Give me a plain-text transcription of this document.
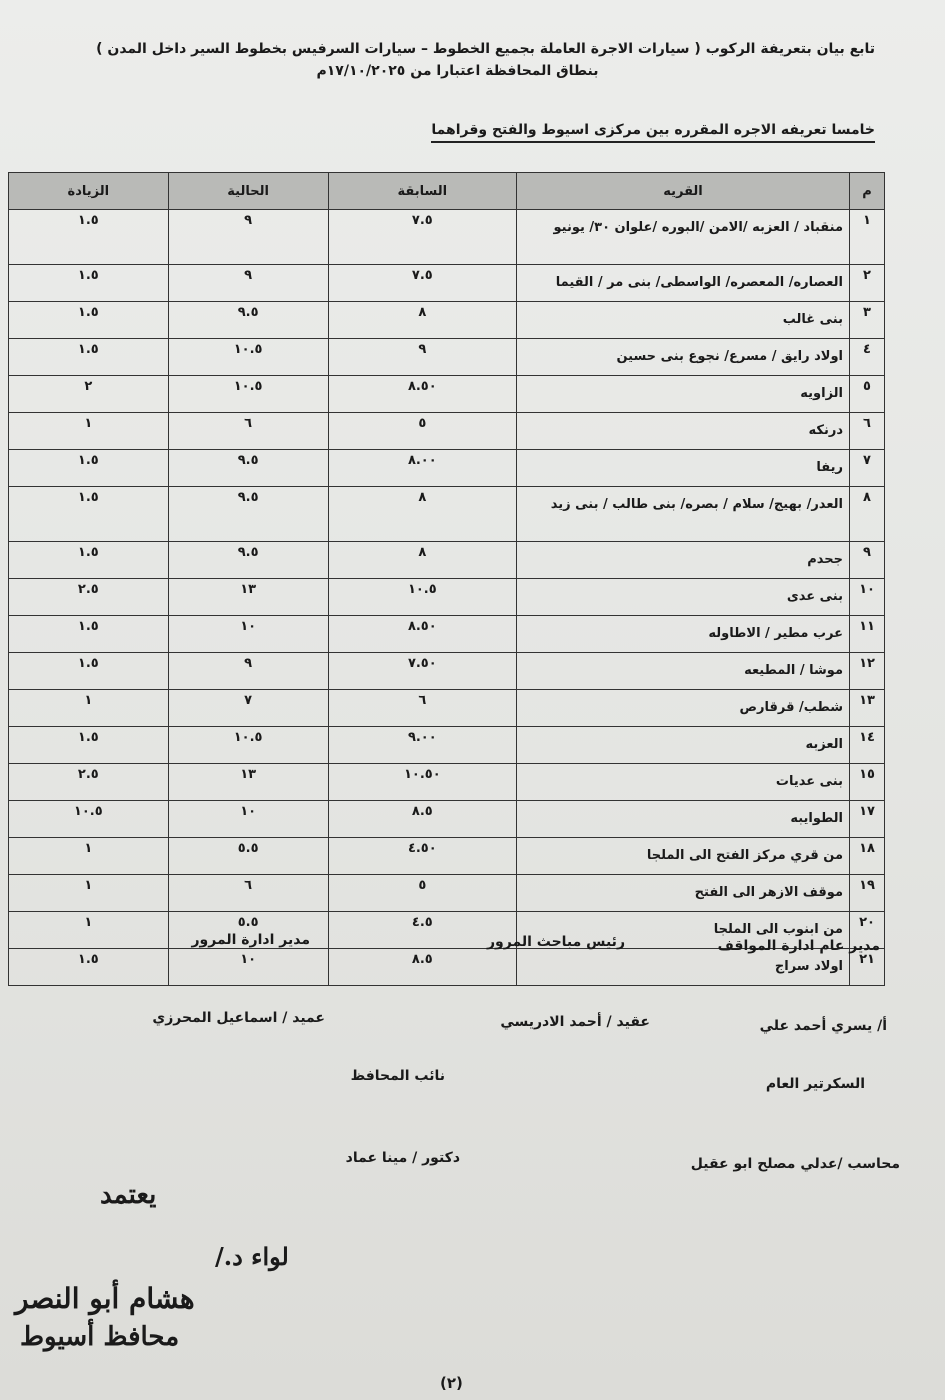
تابع بيان بتعريفة الركوب ( سيارات الاجرة العاملة بجميع الخطوط – سيارات السرفيس بخطوط السير داخل المدن )
بنطاق المحافظة اعتبارا من ١٧/١٠/٢٠٢٥م
خامسا تعريفه الاجره المقرره بين مركزى اسيوط والفتح وقراهما
م	القريه	السابقة	الحالية	الزيادة
١	منقباد / العزبه /الامن /البوره /علوان ٣٠/ يونيو	٧.٥	٩	١.٥
٢	العصاره/ المعصره/ الواسطى/ بنى مر / القيما	٧.٥	٩	١.٥
٣	بنى غالب	٨	٩.٥	١.٥
٤	اولاد رايق / مسرع/ نجوع بنى حسين	٩	١٠.٥	١.٥
٥	الزاويه	٨.٥٠	١٠.٥	٢
٦	درنكه	٥	٦	١
٧	ريفا	٨.٠٠	٩.٥	١.٥
٨	العدر/ بهيج/ سلام / بصره/ بنى طالب / بنى زيد	٨	٩.٥	١.٥
٩	جحدم	٨	٩.٥	١.٥
١٠	بنى عدى	١٠.٥	١٣	٢.٥
١١	عرب مطير / الاطاوله	٨.٥٠	١٠	١.٥
١٢	موشا / المطيعه	٧.٥٠	٩	١.٥
١٣	شطب/ قرقارص	٦	٧	١
١٤	العزبه	٩.٠٠	١٠.٥	١.٥
١٥	بنى عديات	١٠.٥٠	١٣	٢.٥
١٧	الطوايبه	٨.٥	١٠	١٠.٥
١٨	من قري مركز الفتح الى الملجا	٤.٥٠	٥.٥	١
١٩	موقف الازهر الى الفتح	٥	٦	١
٢٠	من ابنوب الى الملجا	٤.٥	٥.٥	١
٢١	اولاد سراج	٨.٥	١٠	١.٥
مدير عام ادارة المواقف
رئيس مباحث المرور
مدير ادارة المرور
أ/ يسري أحمد علي
عقيد / أحمد الادريسي
عميد / اسماعيل المحرزي
السكرتير العام
نائب المحافظ
محاسب /عدلي مصلح ابو عقيل
دكتور / مينا عماد
يعتمد
لواء د./
هشام أبو النصر
محافظ أسيوط
(٢)
